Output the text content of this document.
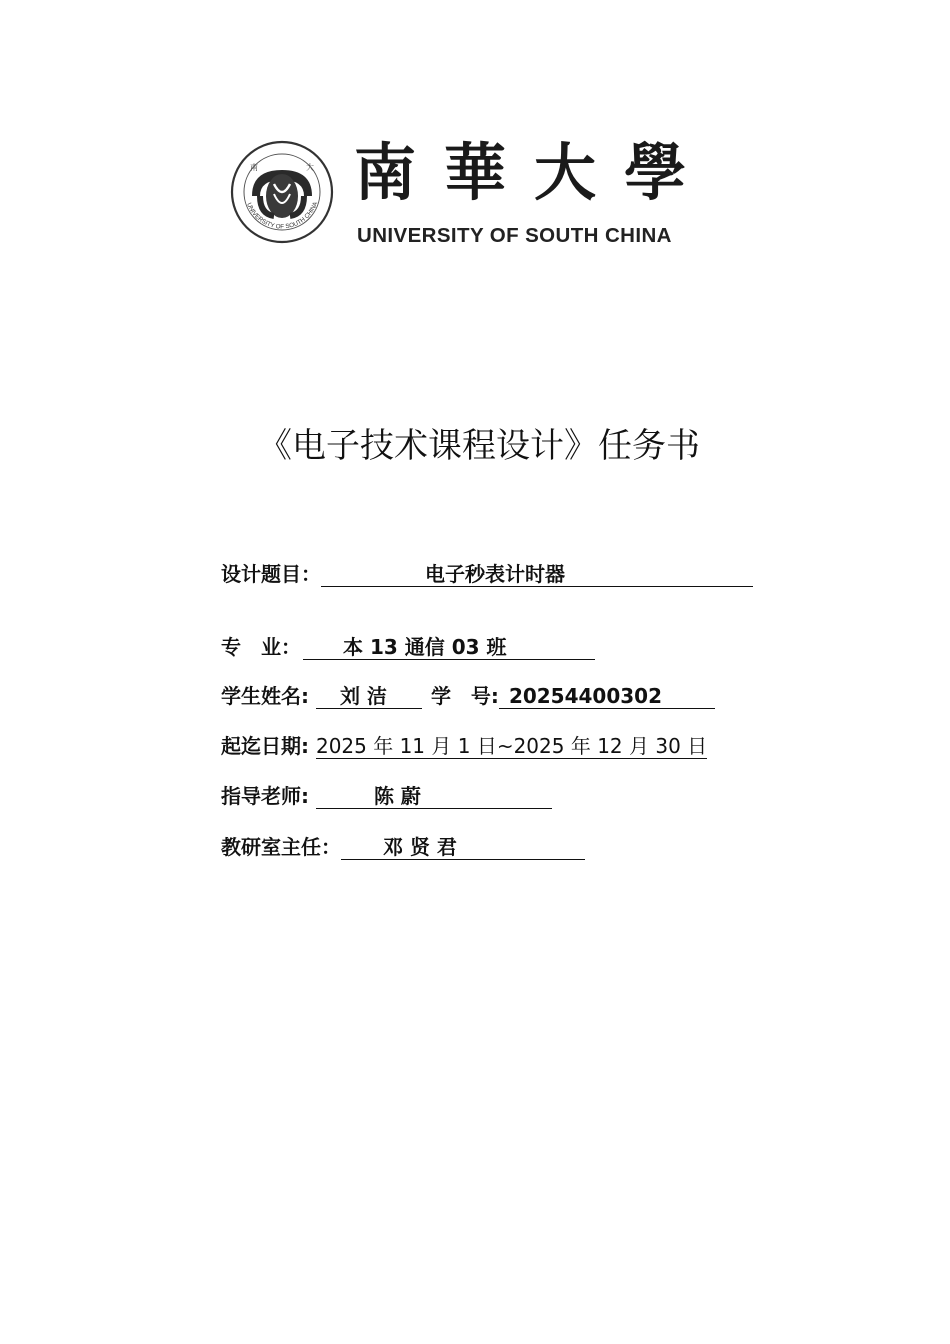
UNIVERSITY OF SOUTH CHINA
南	大 南華大學
UNIVERSITY OF SOUTH CHINA
《电子技术课程设计》任务书
设计题目：	电子秒表计时器
专　业： 本 13 通信 03 班
学生姓名: 刘 洁 学　号: 20254400302
起迄日期: 2025 年 11 月 1 日~2025 年 12 月 30 日
指导老师:	陈 蔚
教研室主任： 邓 贤 君
